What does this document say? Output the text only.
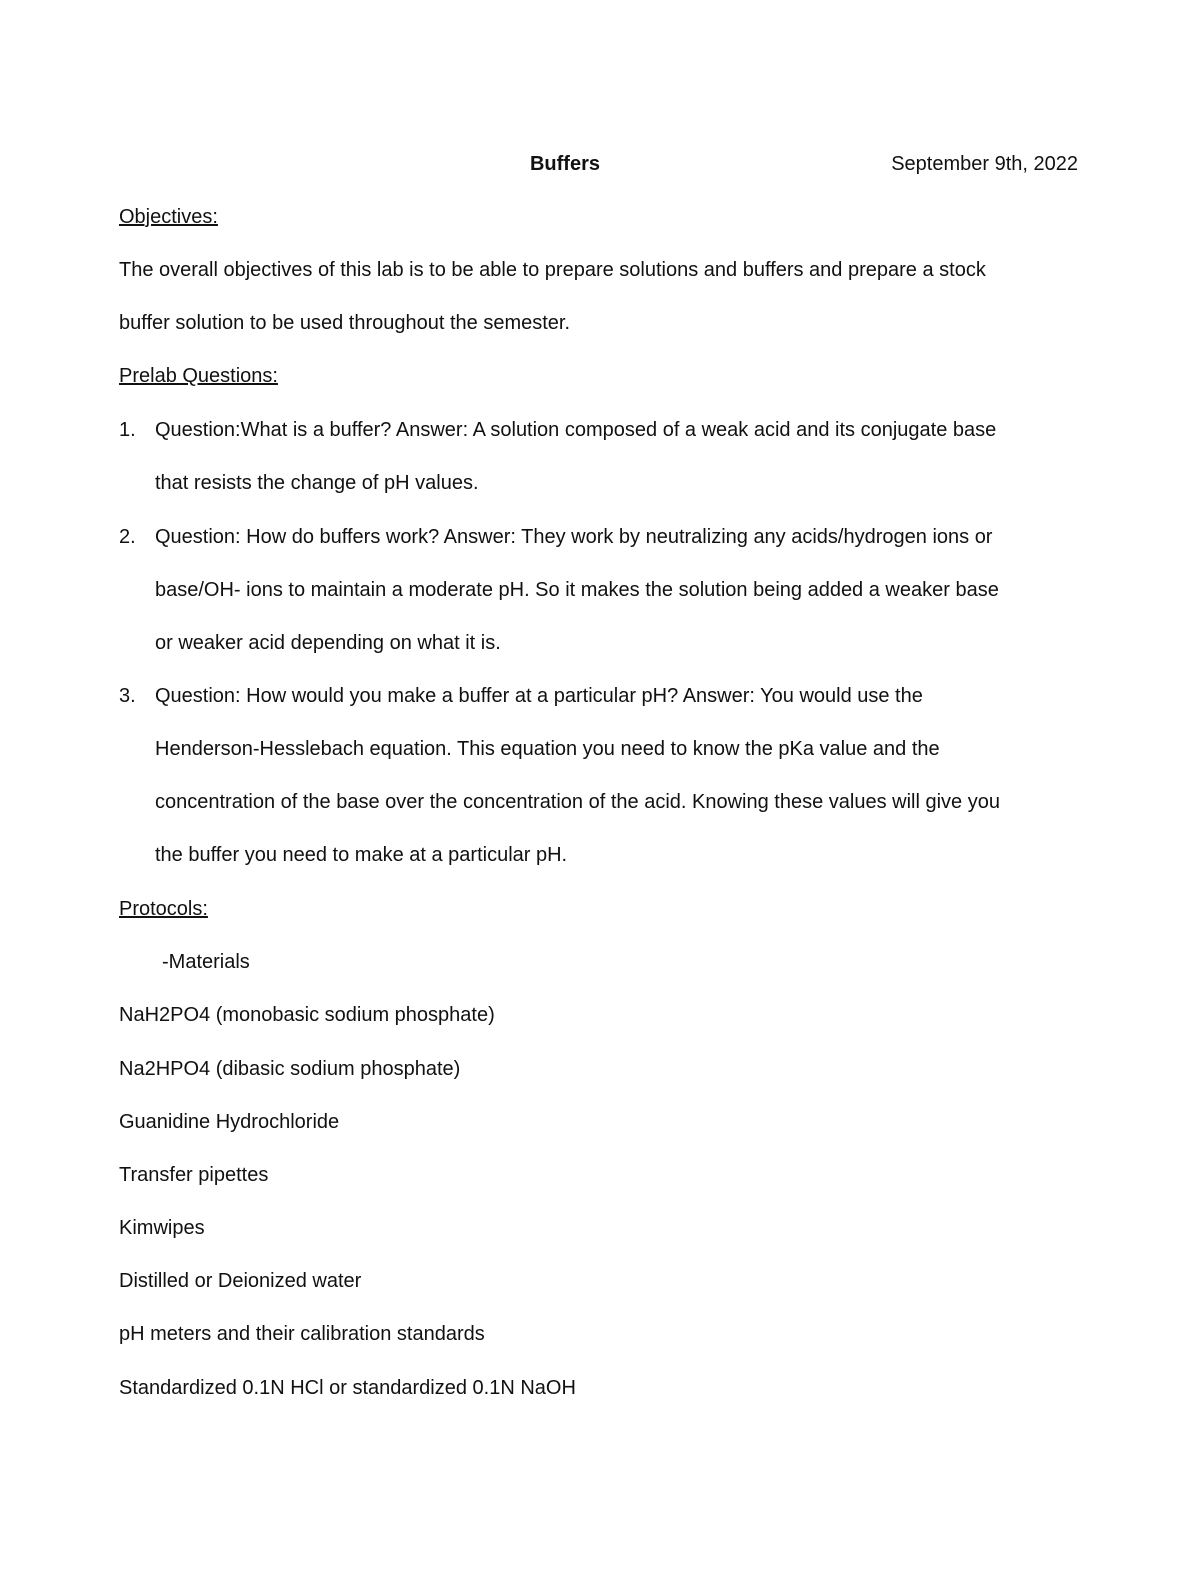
Buffers	September 9th, 2022
Objectives:
The overall objectives of this lab is to be able to prepare solutions and buffers and prepare a stock
buffer solution to be used throughout the semester.
Prelab Questions:
1. Question:What is a buffer? Answer: A solution composed of a weak acid and its conjugate base
that resists the change of pH values.
2. Question: How do buffers work? Answer: They work by neutralizing any acids/hydrogen ions or
base/OH- ions to maintain a moderate pH. So it makes the solution being added a weaker base
or weaker acid depending on what it is.
3. Question: How would you make a buffer at a particular pH? Answer: You would use the
Henderson-Hesslebach equation. This equation you need to know the pKa value and the
concentration of the base over the concentration of the acid. Knowing these values will give you
the buffer you need to make at a particular pH.
Protocols:
-Materials
NaH2PO4 (monobasic sodium phosphate)
Na2HPO4 (dibasic sodium phosphate)
Guanidine Hydrochloride
Transfer pipettes
Kimwipes
Distilled or Deionized water
pH meters and their calibration standards
Standardized 0.1N HCl or standardized 0.1N NaOH
